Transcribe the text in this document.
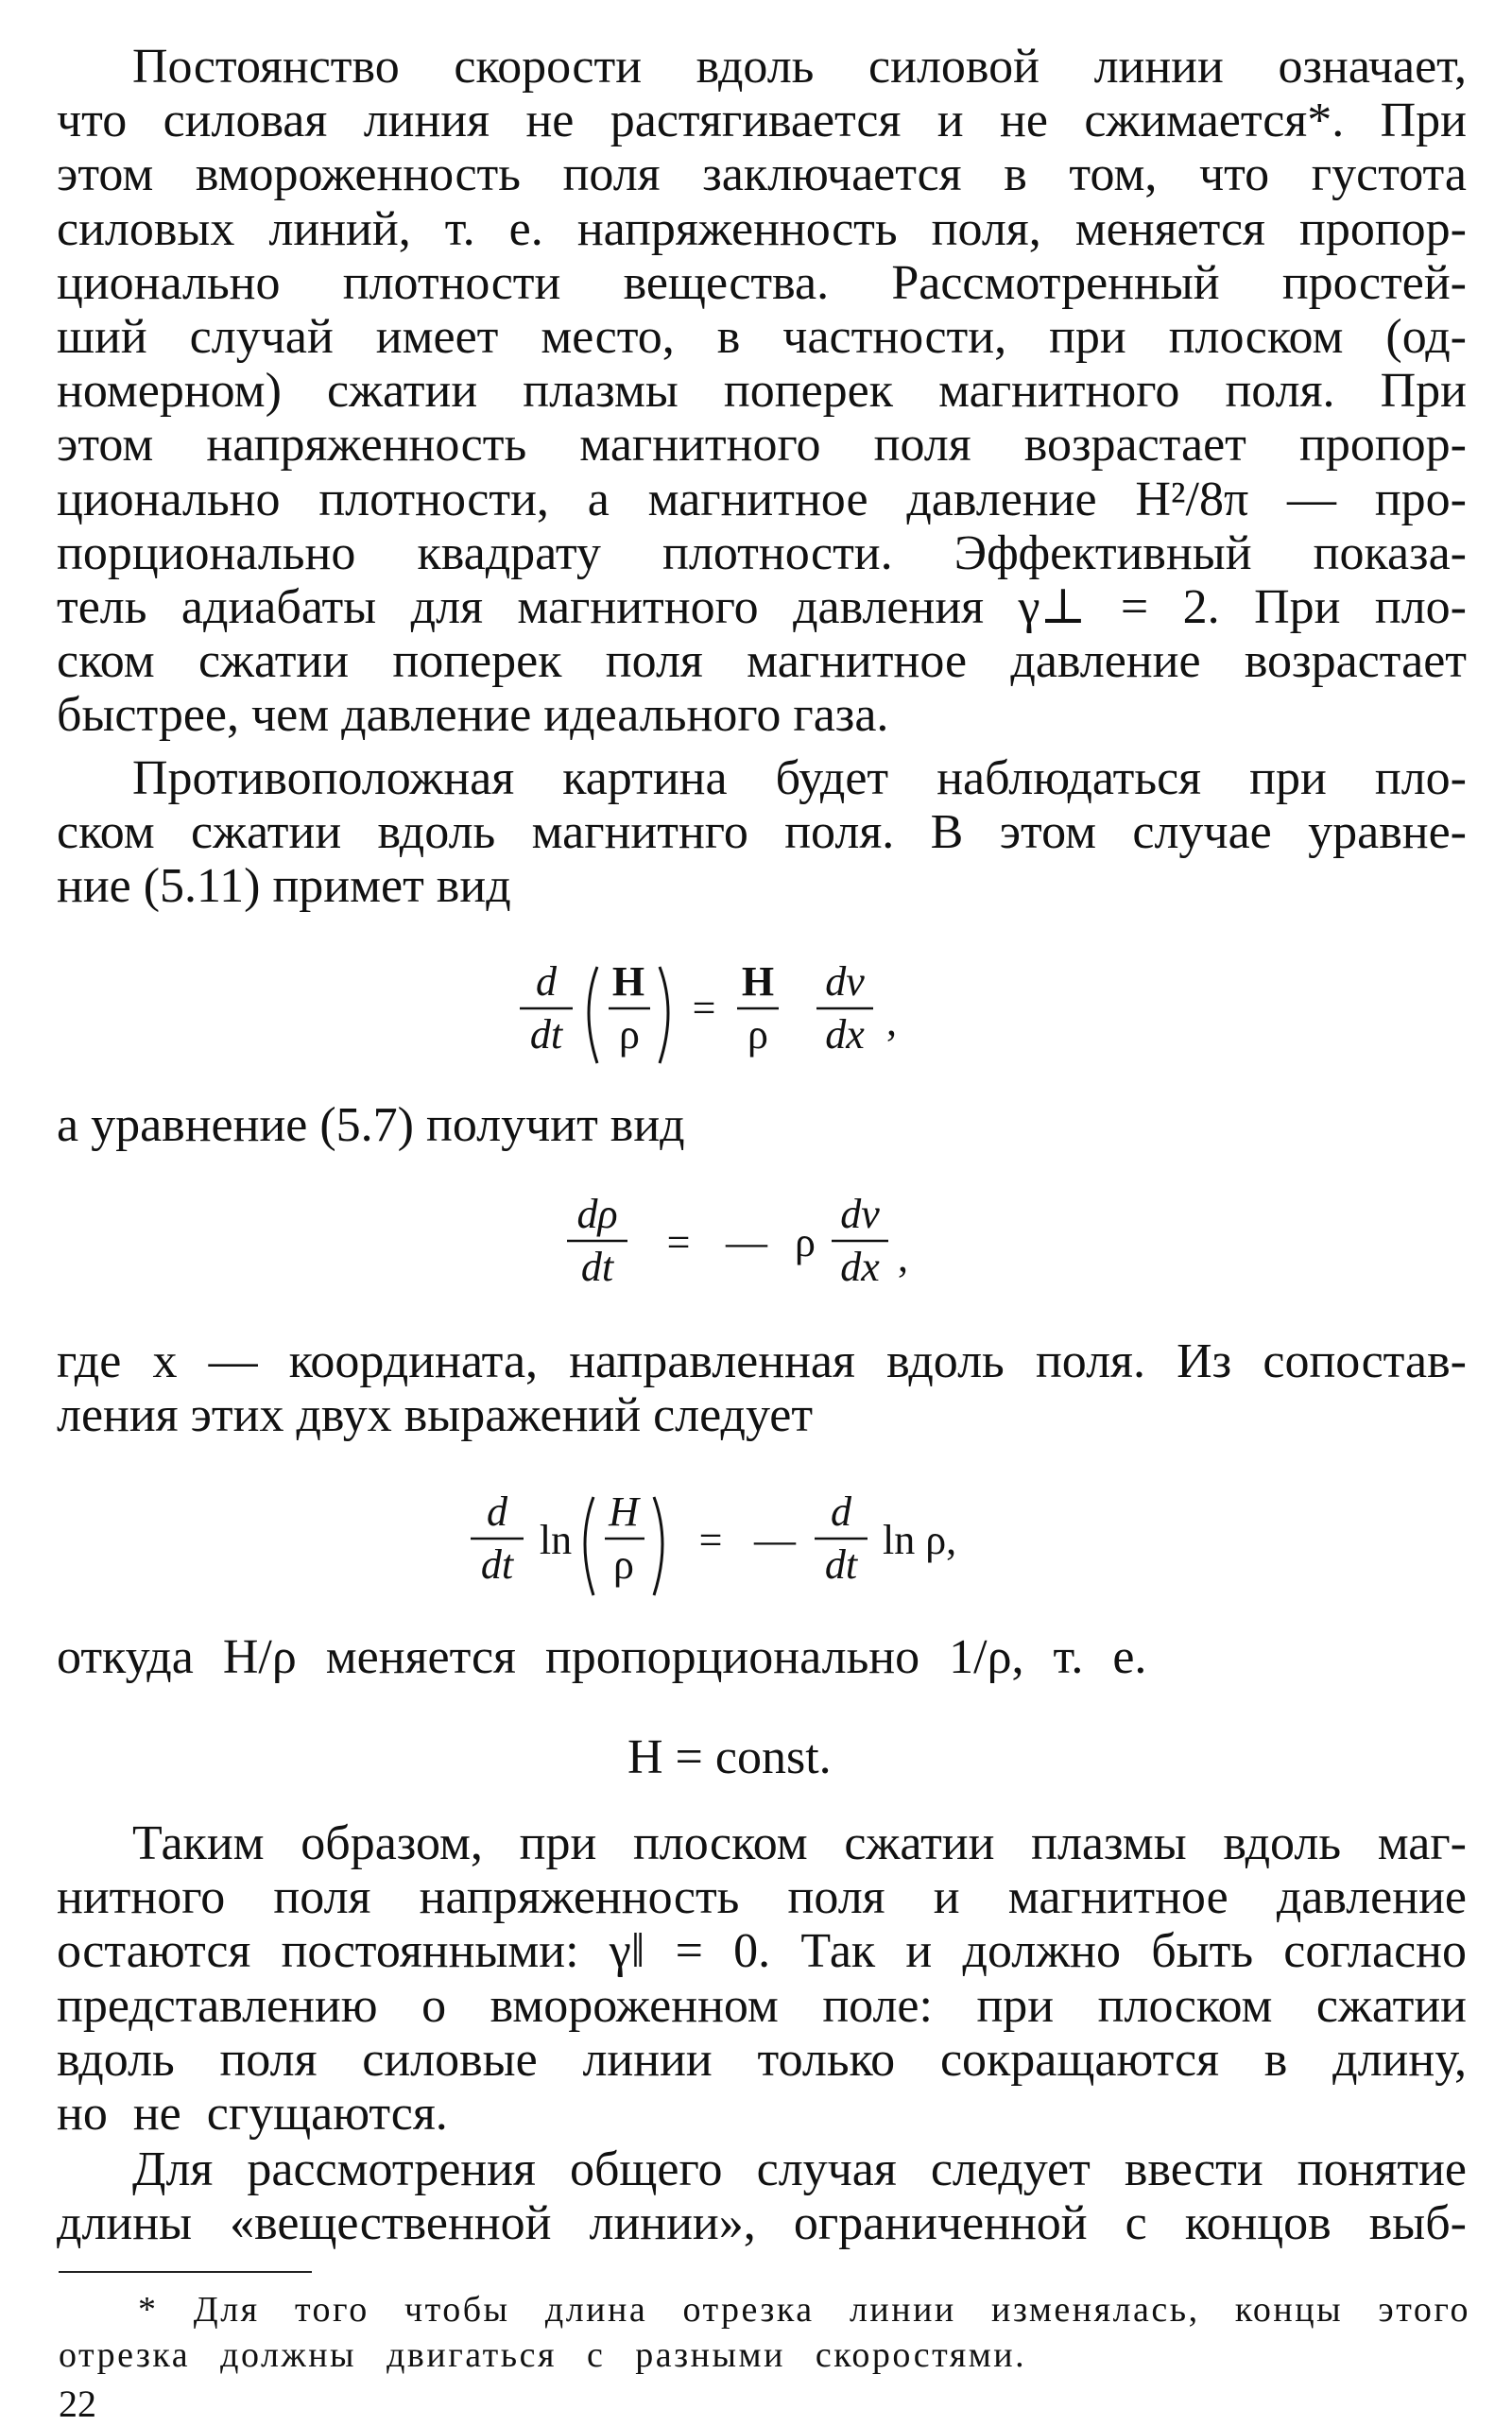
Постоянство скорости вдоль силовой линии означает,
что силовая линия не растягивается и не сжимается*. При
этом вмороженность поля заключается в том, что густота
силовых линий, т. е. напряженность поля, меняется пропор-
ционально плотности вещества. Рассмотренный простей-
ший случай имеет место, в частности, при плоском (од-
номерном) сжатии плазмы поперек магнитного поля. При
этом напряженность магнитного поля возрастает пропор-
ционально плотности, а магнитное давление H²/8π — про-
порционально квадрату плотности. Эффективный показа-
тель адиабаты для магнитного давления γ⊥ = 2. При пло-
ском сжатии поперек поля магнитное давление возрастает
быстрее, чем давление идеального газа.
Противоположная картина будет наблюдаться при пло-
ском сжатии вдоль магнитнго поля. В этом случае уравне-
ние (5.11) примет вид
d
dt
H
ρ
=
H
ρ
dv
dx ,
а уравнение (5.7) получит вид
dρ
dt
= — ρ
dv
dx ,
где x — координата, направленная вдоль поля. Из сопостав-
ления этих двух выражений следует
d
dt
ln
H
ρ
= —
d
dt
ln ρ,
откуда H/ρ меняется пропорционально 1/ρ, т. е.
H = const.
Таким образом, при плоском сжатии плазмы вдоль маг-
нитного поля напряженность поля и магнитное давление
остаются постоянными: γ‖ = 0. Так и должно быть согласно
представлению о вмороженном поле: при плоском сжатии
вдоль поля силовые линии только сокращаются в длину,
но не сгущаются.
Для рассмотрения общего случая следует ввести понятие
длины «вещественной линии», ограниченной с концов выб-
* Для того чтобы длина отрезка линии изменялась, концы этого
отрезка должны двигаться с разными скоростями.
22
